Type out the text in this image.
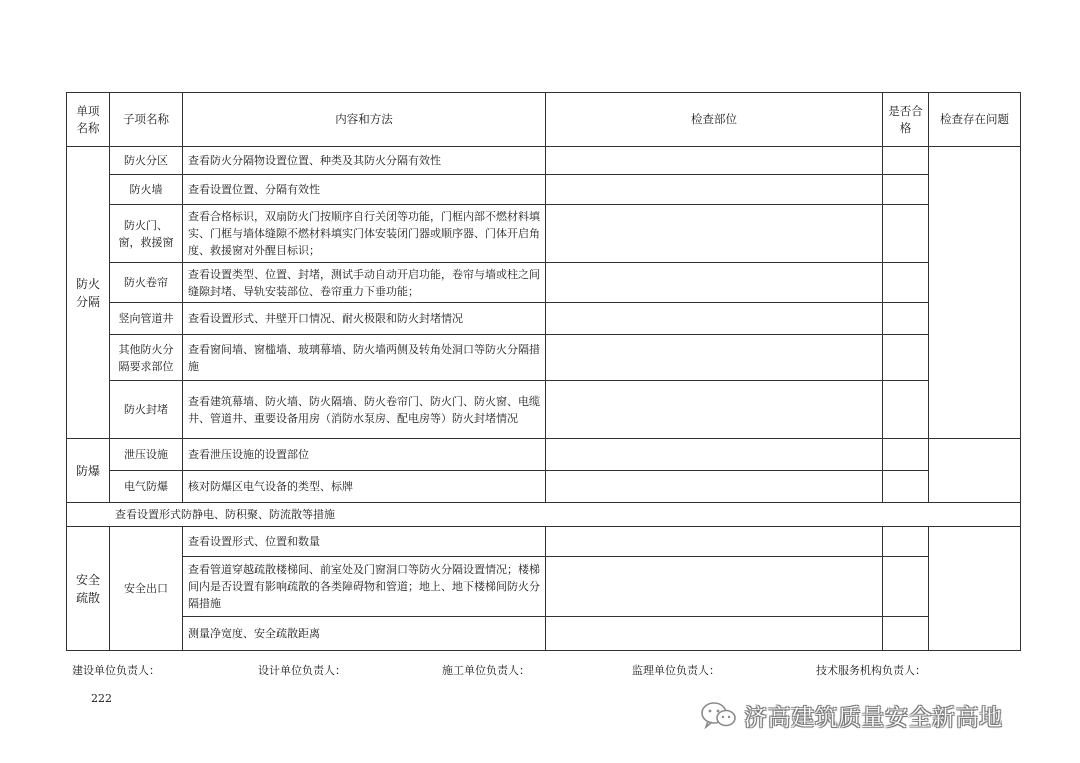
单项名称	子项名称	内容和方法	检查部位	是否合格	检查存在问题
防火分隔	防火分区	查看防火分隔物设置位置、种类及其防火分隔有效性			
	防火墙	查看设置位置、分隔有效性			
	防火门、窗，救援窗	查看合格标识，双扇防火门按顺序自行关闭等功能，门框内部不燃材料填实、门框与墙体缝隙不燃材料填实门体安装闭门器或顺序器、门体开启角度、救援窗对外醒目标识；			
	防火卷帘	查看设置类型、位置、封堵，测试手动自动开启功能，卷帘与墙或柱之间缝隙封堵、导轨安装部位、卷帘重力下垂功能；			
	竖向管道井	查看设置形式、井壁开口情况、耐火极限和防火封堵情况			
	其他防火分隔要求部位	查看窗间墙、窗槛墙、玻璃幕墙、防火墙两侧及转角处洞口等防火分隔措施			
	防火封堵	查看建筑幕墙、防火墙、防火隔墙、防火卷帘门、防火门、防火窗、电缆井、管道井、重要设备用房（消防水泵房、配电房等）防火封堵情况			
防爆	泄压设施	查看泄压设施的设置部位			
	电气防爆	核对防爆区电气设备的类型、标牌			
查看设置形式防静电、防积聚、防流散等措施					
安全疏散	安全出口	查看设置形式、位置和数量			
		查看管道穿越疏散楼梯间、前室处及门窗洞口等防火分隔设置情况；楼梯间内是否设置有影响疏散的各类障碍物和管道；地上、地下楼梯间防火分隔措施			
		测量净宽度、安全疏散距离			
建设单位负责人：	设计单位负责人：	施工单位负责人：	监理单位负责人：	技术服务机构负责人：
222
济高建筑质量安全新高地
